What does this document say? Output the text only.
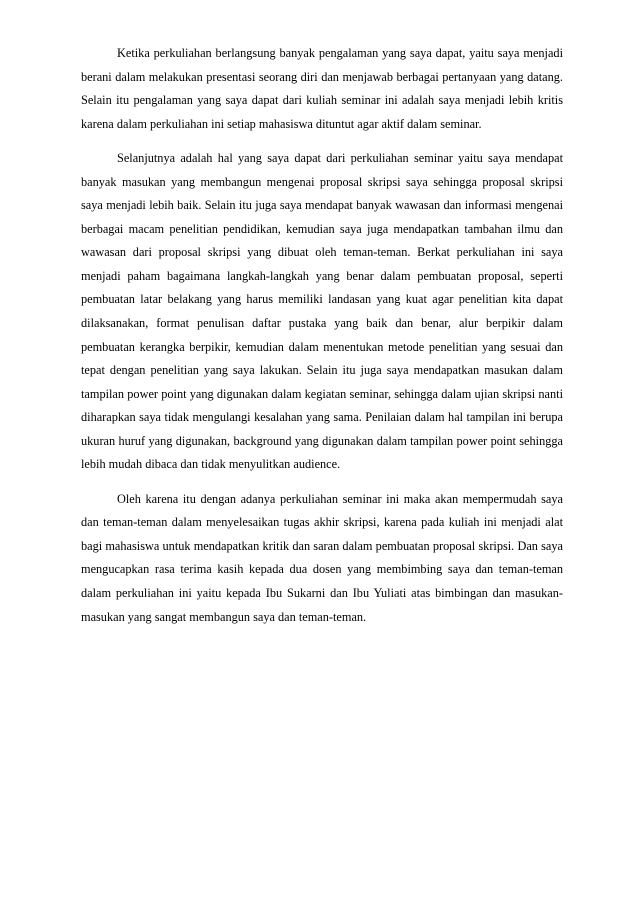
Ketika perkuliahan berlangsung banyak pengalaman yang saya dapat, yaitu saya menjadi berani dalam melakukan presentasi seorang diri dan menjawab berbagai pertanyaan yang datang. Selain itu pengalaman yang saya dapat dari kuliah seminar ini adalah saya menjadi lebih kritis karena dalam perkuliahan ini setiap mahasiswa dituntut agar aktif dalam seminar.

Selanjutnya adalah hal yang saya dapat dari perkuliahan seminar yaitu saya mendapat banyak masukan yang membangun mengenai proposal skripsi saya sehingga proposal skripsi saya menjadi lebih baik. Selain itu juga saya mendapat banyak wawasan dan informasi mengenai berbagai macam penelitian pendidikan, kemudian saya juga mendapatkan tambahan ilmu dan wawasan dari proposal skripsi yang dibuat oleh teman-teman. Berkat perkuliahan ini saya menjadi paham bagaimana langkah-langkah yang benar dalam pembuatan proposal, seperti pembuatan latar belakang yang harus memiliki landasan yang kuat agar penelitian kita dapat dilaksanakan, format penulisan daftar pustaka yang baik dan benar, alur berpikir dalam pembuatan kerangka berpikir, kemudian dalam menentukan metode penelitian yang sesuai dan tepat dengan penelitian yang saya lakukan. Selain itu juga saya mendapatkan masukan dalam tampilan power point yang digunakan dalam kegiatan seminar, sehingga dalam ujian skripsi nanti diharapkan saya tidak mengulangi kesalahan yang sama. Penilaian dalam hal tampilan ini berupa ukuran huruf yang digunakan, background yang digunakan dalam tampilan power point sehingga lebih mudah dibaca dan tidak menyulitkan audience.

Oleh karena itu dengan adanya perkuliahan seminar ini maka akan mempermudah saya dan teman-teman dalam menyelesaikan tugas akhir skripsi, karena pada kuliah ini menjadi alat bagi mahasiswa untuk mendapatkan kritik dan saran dalam pembuatan proposal skripsi. Dan saya mengucapkan rasa terima kasih kepada dua dosen yang membimbing saya dan teman-teman dalam perkuliahan ini yaitu kepada Ibu Sukarni dan Ibu Yuliati atas bimbingan dan masukan-masukan yang sangat membangun saya dan teman-teman.
